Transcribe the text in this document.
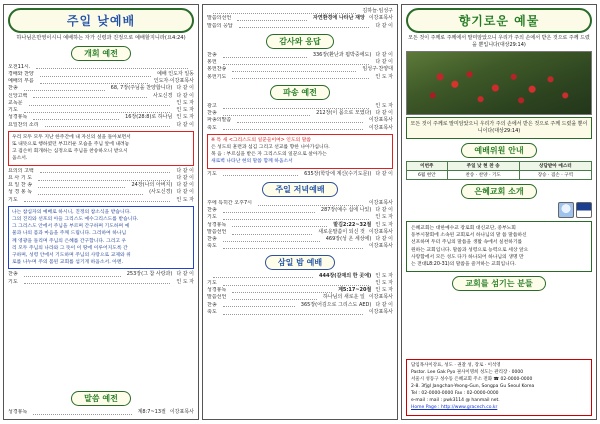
주일 낮예배
하나님은만영이시니 예배하는 자가 신령과 진정으로 예배할지니라(요4:24)
개회 예전
오전11시.
경배와 찬양	예배 인도자 일동
예배의 부름	인도자·이강표목사
찬송	68, 7장(주님을 찬양합니다) 다 같 이
신앙고백	사도신경 다 같 이
교독문	인 도 자
기도	인 도 자
성경봉독	16장(28:8)로 하나님 인 도 자
요일찬의 소리	다 같 이
우리 모두 모두 지난 한주간에 내 자신의 설을 돌아보면서
또 내뜻으로 행하였던 부끄러운 모습을 주님 앞에 내려놓
고 겸손히 회개하는 심정으로 주님을 찬송하오니 받으시
옵소서.
요의의 고백	다 같 이
요 사 기 도	다 같 이
요 일 찬 송	24장(나의 아버지) 다 같 이
성 경 봉 독	(사도신경) 다 같 이
기도	인 도 자
나는 참심자의 예배로 하시니, 진정의 참소식을 받습니다.
그의 진리와 선포의 아들 그리스도 예수그리스도를 받습니다.
그 그리스도 안에서 주님을 부르며 간구하며 기도하며 예
물과 나의 몸과 마음을 주께 드립니다. 그리하여 하나님
께 영광을 돌리며 주님의 은혜를 간구합니다. 그리고 우
리 모두 주님의 나라와 그 뜻이 이 땅에 이루어지도록 간
구하며, 성령 안에서 기도하며 주님의 사랑으로 교제와 위
로를 나누며 주의 몸된 교회를 섬기게 하옵소서. 아멘.
찬송	253장(그 참 사랑과) 다 같 이
기도	인 도 자
말씀 예전
성경봉독	계8:7~13절 이강표목사
김하늘·임성구
말씀의선언	자연환경에 나타난 재앙 이강표목사
말씀의 응답	다 같 이
감사와 응답
찬송	336장(환난과 핍박중에도) 다 같 이
봉헌	다 같 이
봉헌찬송	임성구·찬양대
봉헌기도	인 도 자
파송 예전
광고	인 도 자
찬송	212장(이 몸으로 모였다) 다 같 이
파송의말씀	이강표목사
축도	이강표목사
※ 특 새 <그리스도의 일꾼들이여> 인도의 말씀
은 성도의 훈련과 섬김 그리고 선교를 향한 나아가심니다.
목 음 : 부르심을 받은 자 그리스도의 일꾼으로 살아가는
새로벽 나타난 현의 말씀 함께 하옵소서
기도	635장(학당에 계신(수기도문)) 다 같 이
주일 저녁예배
후에 특히간 오후7시	이강표목사
찬송	287장(예수 십에 나있) 다 같 이
기도	인 도 자
성경봉독	맡김2:22~32절 인 도 자
말씀선언	새로운말씀이 되신 것 이강표목사
찬송	469장(성 온 세상에) 다 같 이
축도	이강표목사
삼일 밤 예배
444장(갈재의 한 곳에) 인 도 자
기도	인 도 자
성경봉독	계5:17~20절 인 도 자
말씀선언	하나님의 새로운 일 이강표목사
찬송	365장(어김으로 그리스도 AED) 다 같 이
축도	이강표목사
향기로운 예물
모든 것이 주께로 주께에서 말미암았으니 우리가 주의 손에서 받은 것으로 주께 드렸을 뿐입니다(대상29:14)
모든 것이 주께로 말미암았으니 우리가 주의 손에서 받은 것으로 주께 드렸을 뿐이니이다(대상29:14)
예배위원 안내
이번주	주일 낮 현 찬 송	상담받아 에스터
6월 현안	찬송 · 찬양 · 기도	장승 · 겸손 · 구역
은혜교회 소개
은혜교회는 대한예수교 장로회 대신교단, 중부노회
동부시찰회에 소속된 교회로서 하나님의 말 씀 말씀하신
선포하며 두터 주님의 말씀을 생활 속에서 실천하기를
원하는 교회입니다. 말씀과 성령으로 능력으로 세상 앞으
사랑함에서 모든 성도 다가 하나되어 하나님의 생명 만
는 전대L8:20-31)의 말씀을 즐겨하는 교회입니다.
교회를 섬기는 분들
담임목사이강표, 성도 · 권찰 성, 장로 · 이석영
Pastor. Lee Gak Pyo 권사이명희 성도는 관리장 · 0000
서울시 성동구 성수동 은혜교회 주소 전화 ☎ 02-0000-0000
2-8. 3fjgl Jangchan-Yeong-Gun, Songpa Gu Seoul Korea
Tel : 02-0000-0000 Fax : 02-0000-0000
e-mail : mail : pwk3114 @ hanmail net.
Home Page : http://www.gracech.co.kr
